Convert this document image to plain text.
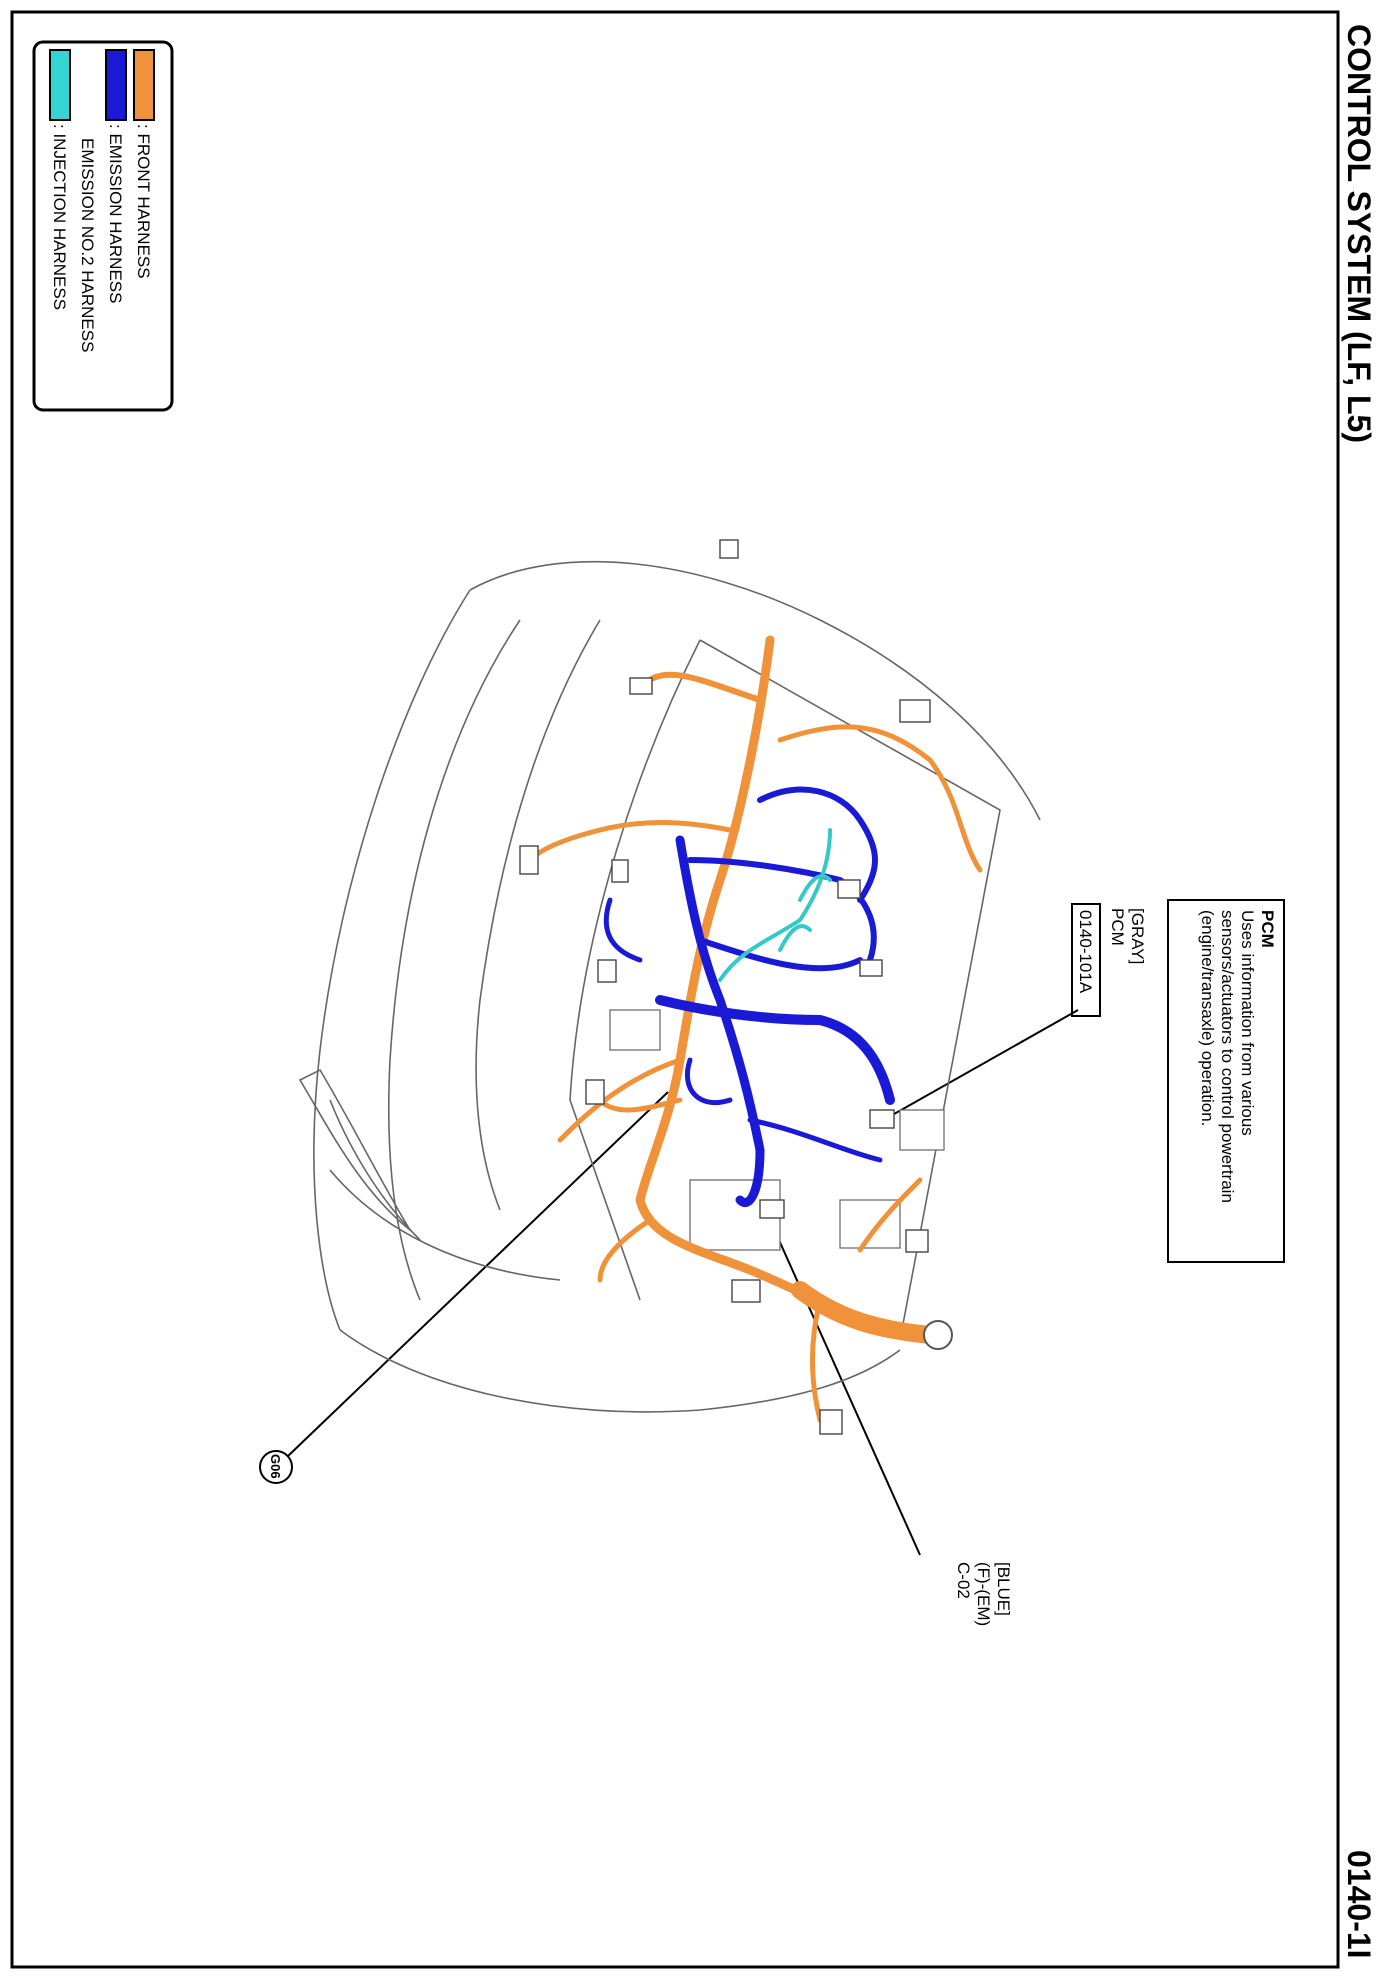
CONTROL SYSTEM (LF, L5)
0140-1I
: FRONT HARNESS
: EMISSION HARNESS
EMISSION NO.2 HARNESS
: INJECTION HARNESS
PCM
Uses information from various
sensors/actuators to control powertrain
(engine/transaxle) operation.
[GRAY]
PCM
0140-101A
[BLUE]
(F)-(EM)
C-02
G06
